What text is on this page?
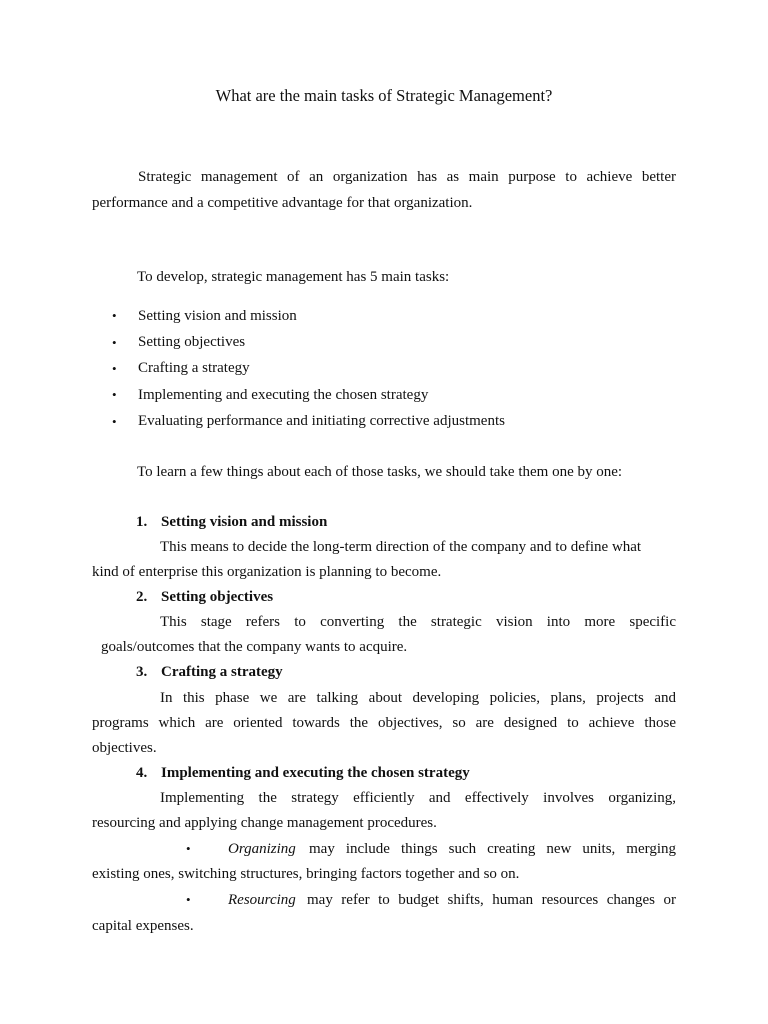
What are the main tasks of Strategic Management?
Strategic management of an organization has as main purpose to achieve better performance and a competitive advantage for that organization.
To develop, strategic management has 5 main tasks:
•	Setting vision and mission
•	Setting objectives
•	Crafting a strategy
•	Implementing and executing the chosen strategy
•	Evaluating performance and initiating corrective adjustments
To learn a few things about each of those tasks, we should take them one by one:
1. Setting vision and mission
This means to decide the long-term direction of the company and to define what
kind of enterprise this organization is planning to become.
2. Setting objectives
This stage refers to converting the strategic vision into more specific
goals/outcomes that the company wants to acquire.
3. Crafting a strategy
In this phase we are talking about developing policies, plans, projects and
programs which are oriented towards the objectives, so are designed to achieve those
objectives.
4. Implementing and executing the chosen strategy
Implementing the strategy efficiently and effectively involves organizing,
resourcing and applying change management procedures.
• Organizing may include things such creating new units, merging
existing ones, switching structures, bringing factors together and so on.
• Resourcing may refer to budget shifts, human resources changes or
capital expenses.
